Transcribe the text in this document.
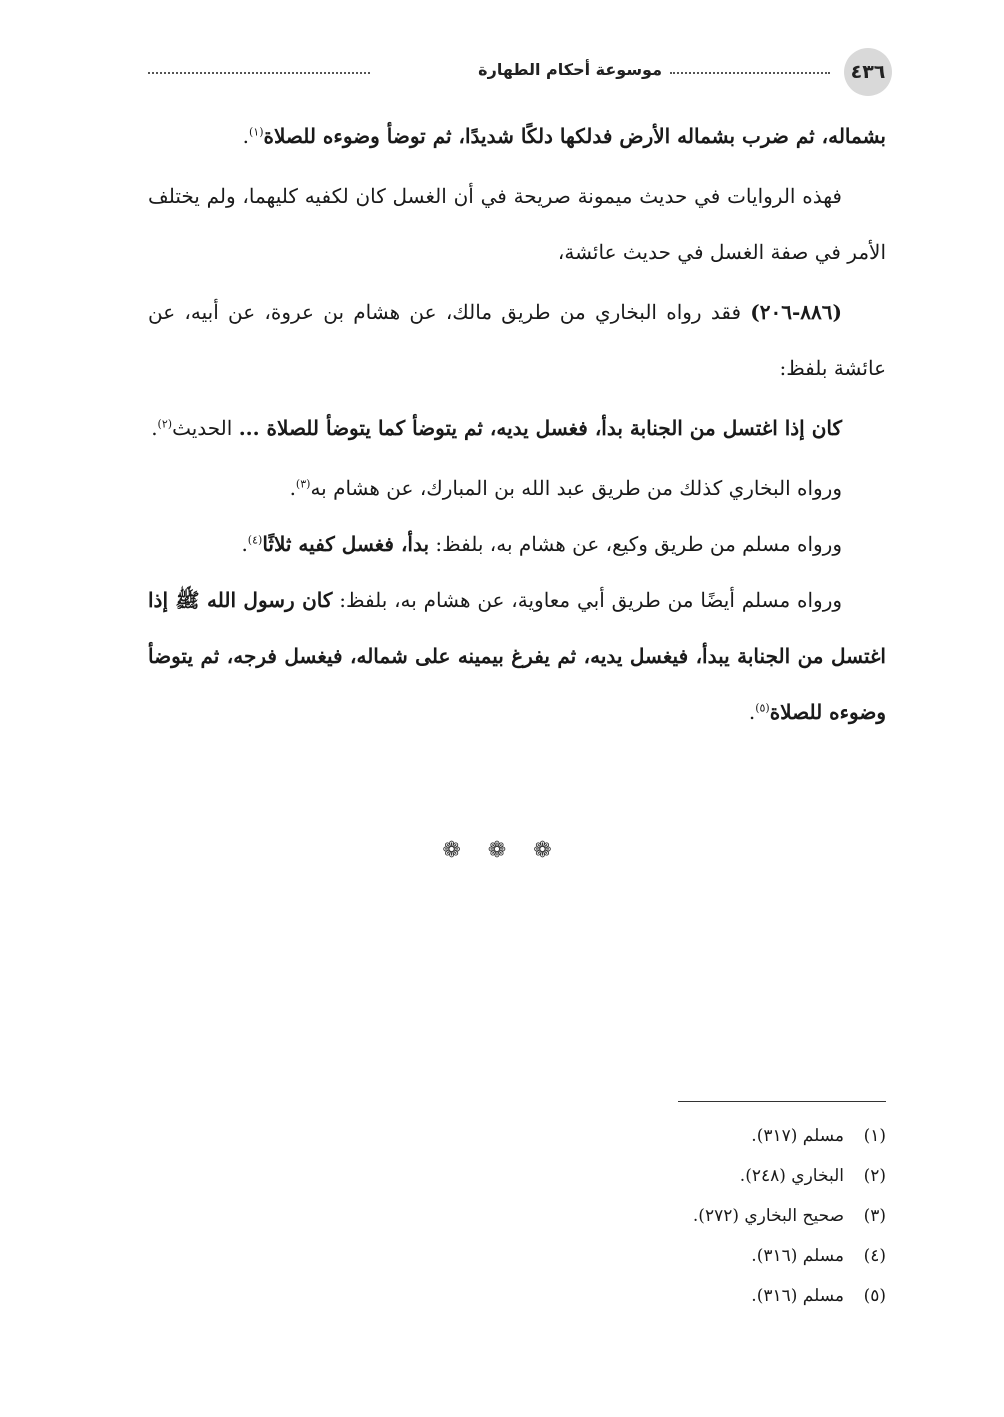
٤٣٦
موسوعة أحكام الطهارة

بشماله، ثم ضرب بشماله الأرض فدلكها دلكًا شديدًا، ثم توضأ وضوءه للصلاة$^{(١)}$.

فهذه الروايات في حديث ميمونة صريحة في أن الغسل كان لكفيه كليهما، ولم يختلف الأمر في صفة الغسل في حديث عائشة،

(٨٨٦-٢٠٦) فقد رواه البخاري من طريق مالك، عن هشام بن عروة، عن أبيه، عن عائشة بلفظ:

كان إذا اغتسل من الجنابة بدأ، فغسل يديه، ثم يتوضأ كما يتوضأ للصلاة ... الحديث$^{(٢)}$.

ورواه البخاري كذلك من طريق عبد الله بن المبارك، عن هشام به$^{(٣)}$.

ورواه مسلم من طريق وكيع، عن هشام به، بلفظ: بدأ، فغسل كفيه ثلاثًا$^{(٤)}$.

ورواه مسلم أيضًا من طريق أبي معاوية، عن هشام به، بلفظ: كان رسول الله ﷺ إذا اغتسل من الجنابة يبدأ، فيغسل يديه، ثم يفرغ بيمينه على شماله، فيغسل فرجه، ثم يتوضأ وضوءه للصلاة$^{(٥)}$.

❁ ❁ ❁
(١)مسلم (٣١٧).
(٢)البخاري (٢٤٨).
(٣)صحيح البخاري (٢٧٢).
(٤)مسلم (٣١٦).
(٥)مسلم (٣١٦).
